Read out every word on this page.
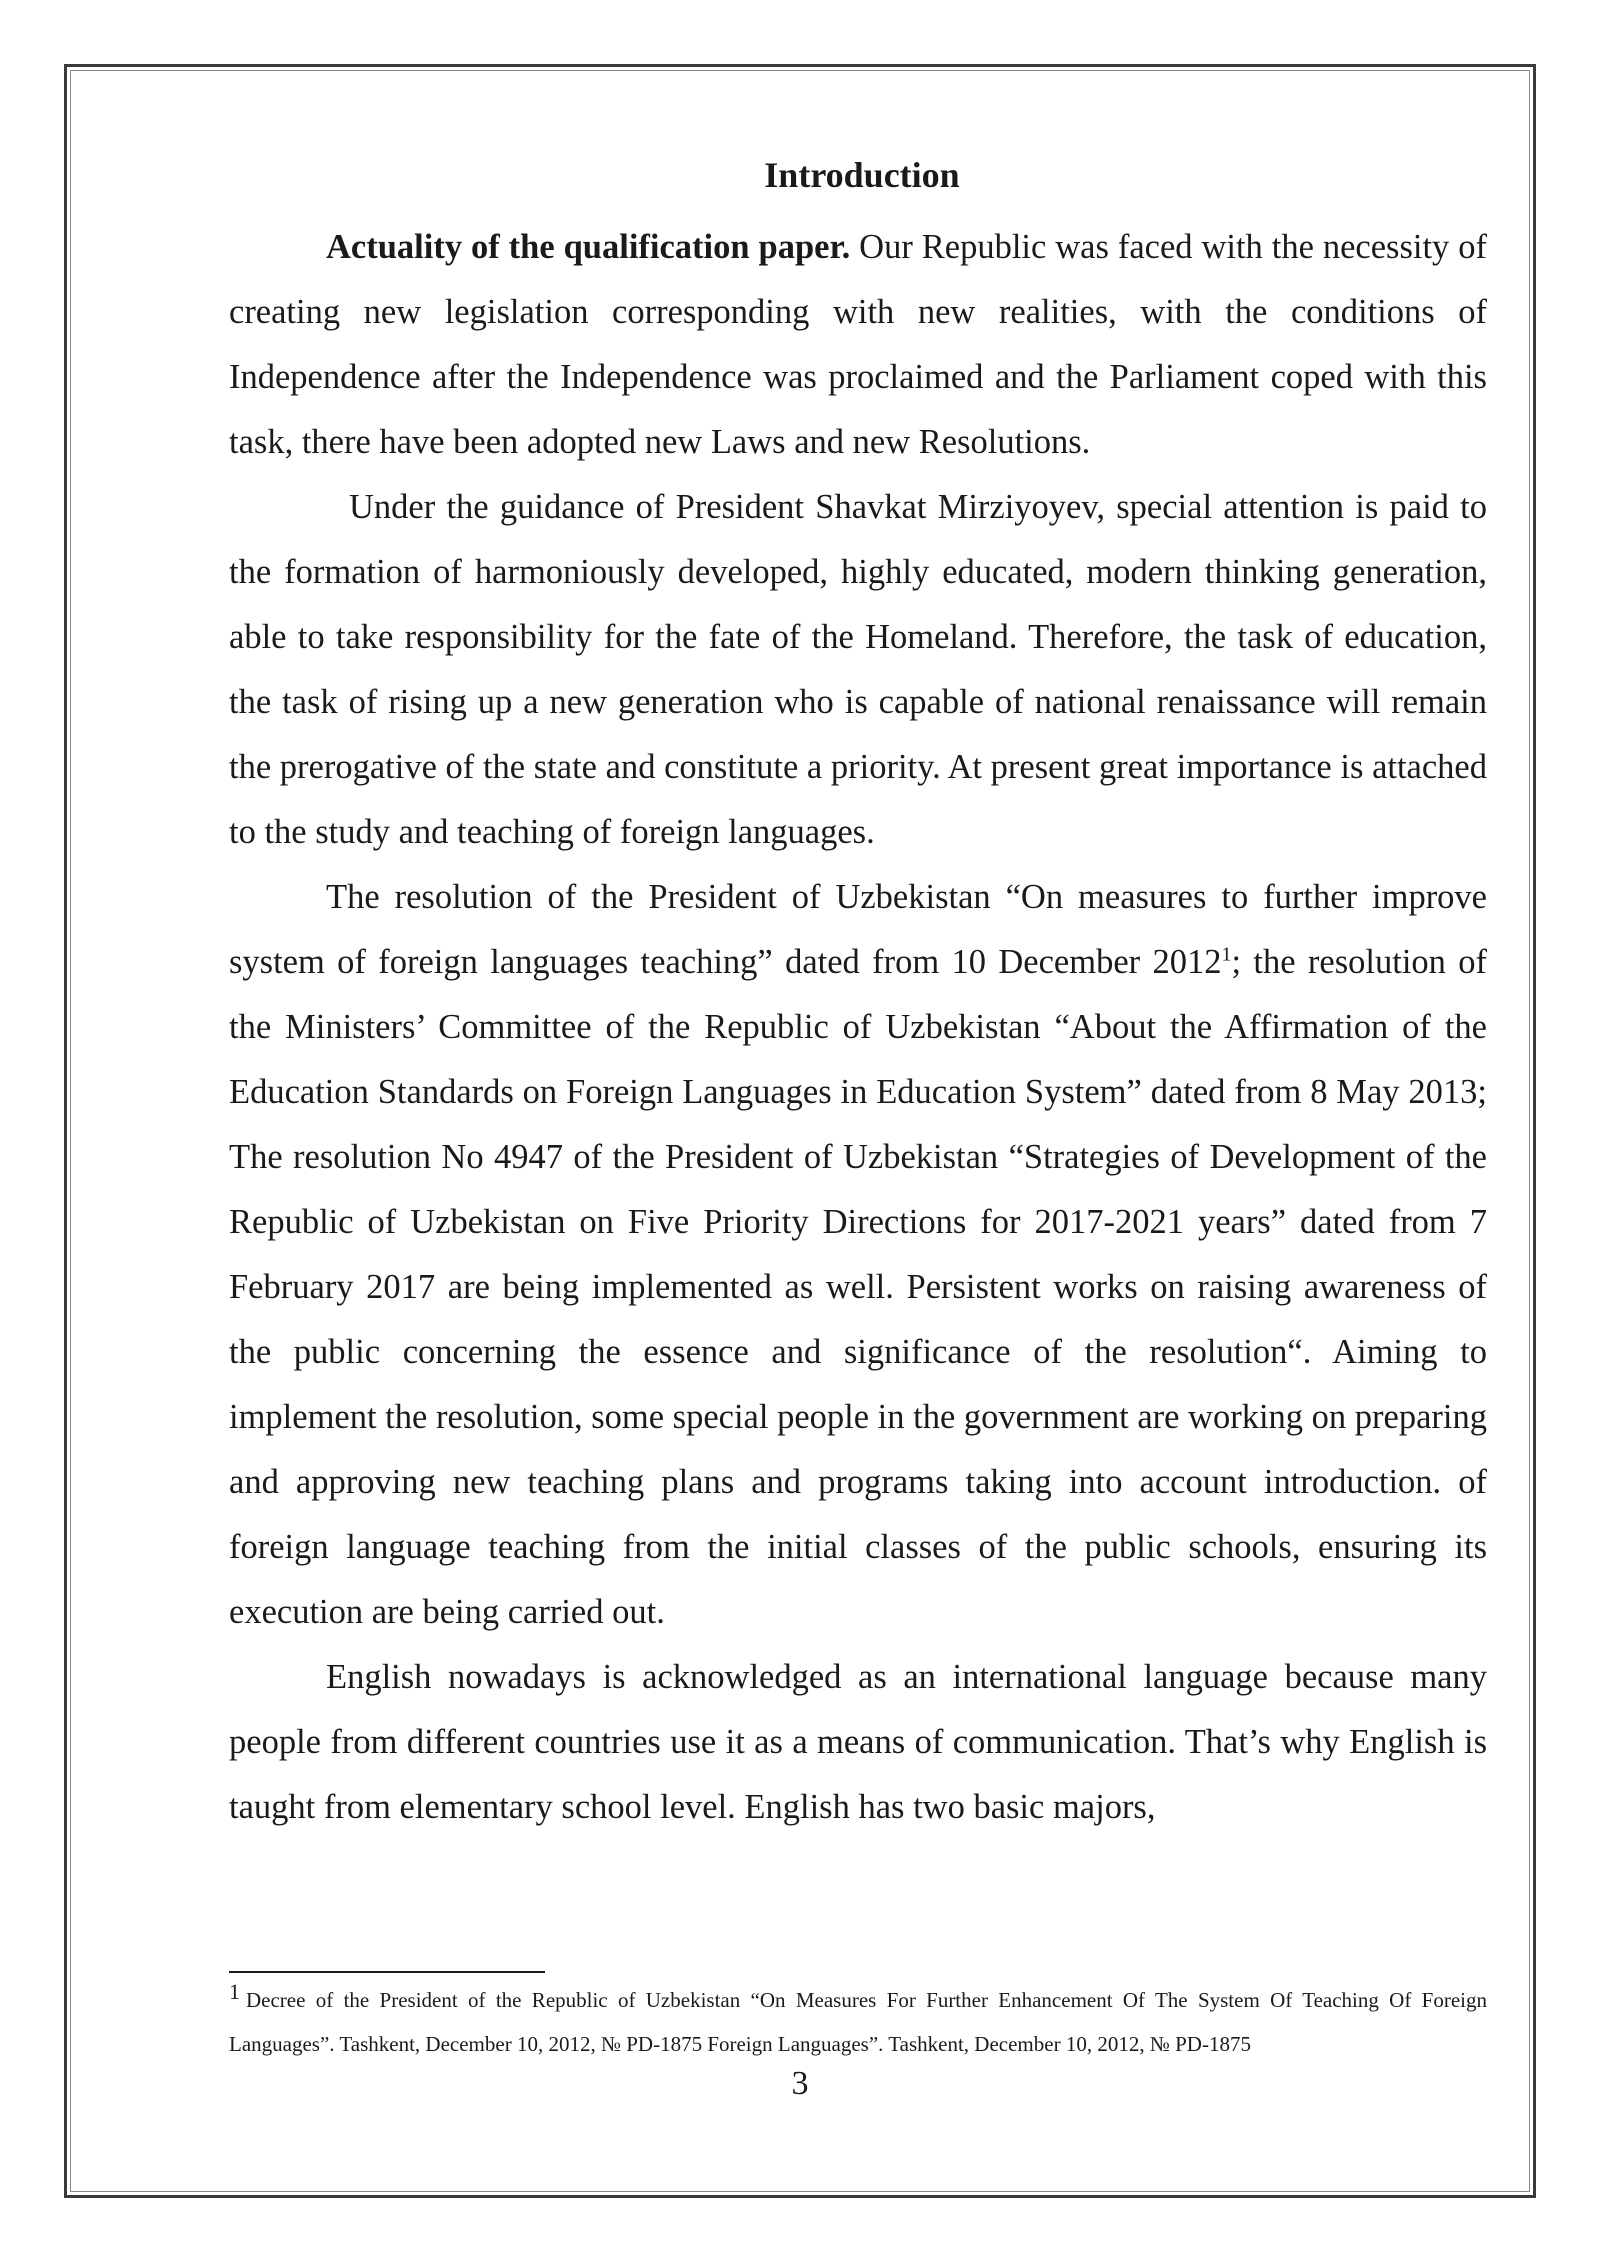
Introduction

Actuality of the qualification paper. Our Republic was faced with the necessity of creating new legislation corresponding with new realities, with the conditions of Independence after the Independence was proclaimed and the Parliament coped with this task, there have been adopted new Laws and new Resolutions.

Under the guidance of President Shavkat Mirziyoyev, special attention is paid to the formation of harmoniously developed, highly educated, modern thinking generation, able to take responsibility for the fate of the Homeland. Therefore, the task of education, the task of rising up a new generation who is capable of national renaissance will remain the prerogative of the state and constitute a priority. At present great importance is attached to the study and teaching of foreign languages.

The resolution of the President of Uzbekistan “On measures to further improve system of foreign languages teaching” dated from 10 December 2012$^1$; the resolution of the Ministers’ Committee of the Republic of Uzbekistan “About the Affirmation of the Education Standards on Foreign Languages in Education System” dated from 8 May 2013; The resolution No 4947 of the President of Uzbekistan “Strategies of Development of the Republic of Uzbekistan on Five Priority Directions for 2017-2021 years” dated from 7 February 2017 are being implemented as well. Persistent works on raising awareness of the public concerning the essence and significance of the resolution“. Aiming to implement the resolution, some special people in the government are working on preparing and approving new teaching plans and programs taking into account introduction. of foreign language teaching from the initial classes of the public schools, ensuring its execution are being carried out.

English nowadays is acknowledged as an international language because many people from different countries use it as a means of communication. That’s why English is taught from elementary school level. English has two basic majors,

1 Decree of the President of the Republic of Uzbekistan “On Measures For Further Enhancement Of The System Of Teaching Of Foreign Languages”. Tashkent, December 10, 2012, № PD-1875 Foreign Languages”. Tashkent, December 10, 2012, № PD-1875

3
